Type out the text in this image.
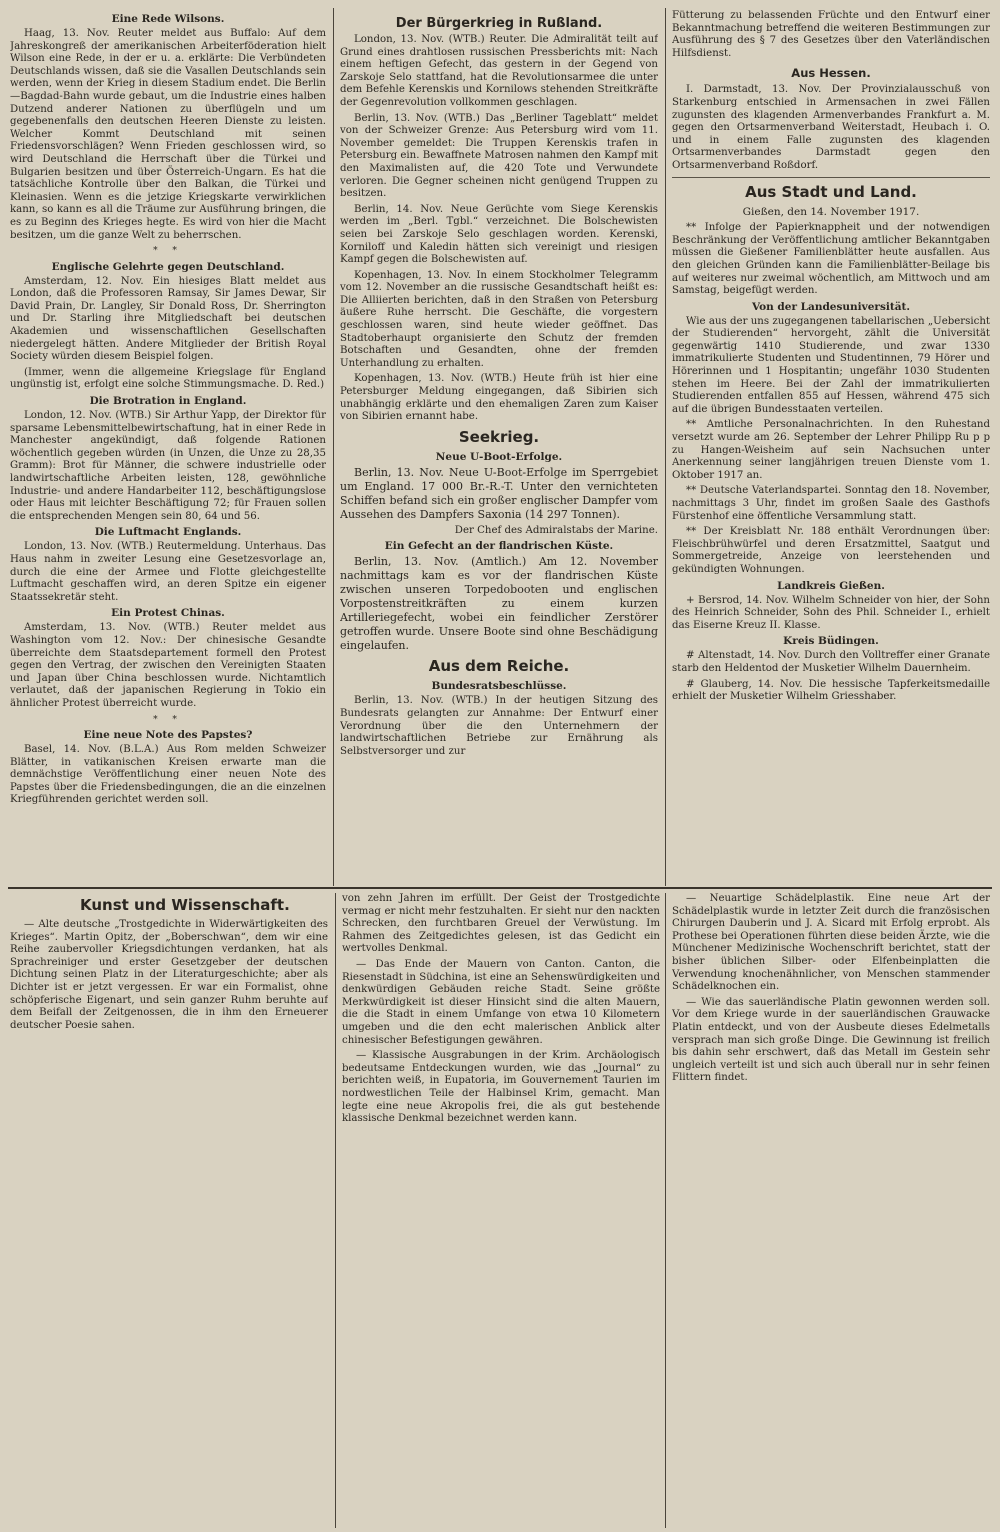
Eine Rede Wilsons.

Haag, 13. Nov. Reuter meldet aus Buffalo: Auf dem Jahreskongreß der amerikanischen Arbeiterföderation hielt Wilson eine Rede, in der er u. a. erklärte: Die Verbündeten Deutschlands wissen, daß sie die Vasallen Deutschlands sein werden, wenn der Krieg in diesem Stadium endet. Die Berlin—Bagdad-Bahn wurde gebaut, um die Industrie eines halben Dutzend anderer Nationen zu überflügeln und um gegebenenfalls den deutschen Heeren Dienste zu leisten. Welcher Kommt Deutschland mit seinen Friedensvorschlägen? Wenn Frieden geschlossen wird, so wird Deutschland die Herrschaft über die Türkei und Bulgarien besitzen und über Österreich-Ungarn. Es hat die tatsächliche Kontrolle über den Balkan, die Türkei und Kleinasien. Wenn es die jetzige Kriegskarte verwirklichen kann, so kann es all die Träume zur Ausführung bringen, die es zu Beginn des Krieges hegte. Es wird von hier die Macht besitzen, um die ganze Welt zu beherrschen.

* *
Englische Gelehrte gegen Deutschland.

Amsterdam, 12. Nov. Ein hiesiges Blatt meldet aus London, daß die Professoren Ramsay, Sir James Dewar, Sir David Prain, Dr. Langley, Sir Donald Ross, Dr. Sherrington und Dr. Starling ihre Mitgliedschaft bei deutschen Akademien und wissenschaftlichen Gesellschaften niedergelegt hätten. Andere Mitglieder der British Royal Society würden diesem Beispiel folgen.

(Immer, wenn die allgemeine Kriegslage für England ungünstig ist, erfolgt eine solche Stimmungsmache. D. Red.)

Die Brotration in England.

London, 12. Nov. (WTB.) Sir Arthur Yapp, der Direktor für sparsame Lebensmittelbewirtschaftung, hat in einer Rede in Manchester angekündigt, daß folgende Rationen wöchentlich gegeben würden (in Unzen, die Unze zu 28,35 Gramm): Brot für Männer, die schwere industrielle oder landwirtschaftliche Arbeiten leisten, 128, gewöhnliche Industrie- und andere Handarbeiter 112, beschäftigungslose oder Haus mit leichter Beschäftigung 72; für Frauen sollen die entsprechenden Mengen sein 80, 64 und 56.

Die Luftmacht Englands.

London, 13. Nov. (WTB.) Reutermeldung. Unterhaus. Das Haus nahm in zweiter Lesung eine Gesetzesvorlage an, durch die eine der Armee und Flotte gleichgestellte Luftmacht geschaffen wird, an deren Spitze ein eigener Staatssekretär steht.

Ein Protest Chinas.

Amsterdam, 13. Nov. (WTB.) Reuter meldet aus Washington vom 12. Nov.: Der chinesische Gesandte überreichte dem Staatsdepartement formell den Protest gegen den Vertrag, der zwischen den Vereinigten Staaten und Japan über China beschlossen wurde. Nichtamtlich verlautet, daß der japanischen Regierung in Tokio ein ähnlicher Protest überreicht wurde.

* *
Eine neue Note des Papstes?

Basel, 14. Nov. (B.L.A.) Aus Rom melden Schweizer Blätter, in vatikanischen Kreisen erwarte man die demnächstige Veröffentlichung einer neuen Note des Papstes über die Friedensbedingungen, die an die einzelnen Kriegführenden gerichtet werden soll.

Der Bürgerkrieg in Rußland.

London, 13. Nov. (WTB.) Reuter. Die Admiralität teilt auf Grund eines drahtlosen russischen Pressberichts mit: Nach einem heftigen Gefecht, das gestern in der Gegend von Zarskoje Selo stattfand, hat die Revolutionsarmee die unter dem Befehle Kerenskis und Kornilows stehenden Streitkräfte der Gegenrevolution vollkommen geschlagen.

Berlin, 13. Nov. (WTB.) Das „Berliner Tageblatt“ meldet von der Schweizer Grenze: Aus Petersburg wird vom 11. November gemeldet: Die Truppen Kerenskis trafen in Petersburg ein. Bewaffnete Matrosen nahmen den Kampf mit den Maximalisten auf, die 420 Tote und Verwundete verloren. Die Gegner scheinen nicht genügend Truppen zu besitzen.

Berlin, 14. Nov. Neue Gerüchte vom Siege Kerenskis werden im „Berl. Tgbl.“ verzeichnet. Die Bolschewisten seien bei Zarskoje Selo geschlagen worden. Kerenski, Korniloff und Kaledin hätten sich vereinigt und riesigen Kampf gegen die Bolschewisten auf.

Kopenhagen, 13. Nov. In einem Stockholmer Telegramm vom 12. November an die russische Gesandtschaft heißt es: Die Alliierten berichten, daß in den Straßen von Petersburg äußere Ruhe herrscht. Die Geschäfte, die vorgestern geschlossen waren, sind heute wieder geöffnet. Das Stadtoberhaupt organisierte den Schutz der fremden Botschaften und Gesandten, ohne der fremden Unterhandlung zu erhalten.

Kopenhagen, 13. Nov. (WTB.) Heute früh ist hier eine Petersburger Meldung eingegangen, daß Sibirien sich unabhängig erklärte und den ehemaligen Zaren zum Kaiser von Sibirien ernannt habe.

Seekrieg.
Neue U-Boot-Erfolge.

Berlin, 13. Nov. Neue U-Boot-Erfolge im Sperrgebiet um England. 17 000 Br.-R.-T. Unter den vernichteten Schiffen befand sich ein großer englischer Dampfer vom Aussehen des Dampfers Saxonia (14 297 Tonnen).

Der Chef des Admiralstabs der Marine.

Ein Gefecht an der flandrischen Küste.

Berlin, 13. Nov. (Amtlich.) Am 12. November nachmittags kam es vor der flandrischen Küste zwischen unseren Torpedobooten und englischen Vorpostenstreitkräften zu einem kurzen Artilleriegefecht, wobei ein feindlicher Zerstörer getroffen wurde. Unsere Boote sind ohne Beschädigung eingelaufen.

Aus dem Reiche.
Bundesratsbeschlüsse.

Berlin, 13. Nov. (WTB.) In der heutigen Sitzung des Bundesrats gelangten zur Annahme: Der Entwurf einer Verordnung über die den Unternehmern der landwirtschaftlichen Betriebe zur Ernährung als Selbstversorger und zur

Fütterung zu belassenden Früchte und den Entwurf einer Bekanntmachung betreffend die weiteren Bestimmungen zur Ausführung des § 7 des Gesetzes über den Vaterländischen Hilfsdienst.

Aus Hessen.

I. Darmstadt, 13. Nov. Der Provinzialausschuß von Starkenburg entschied in Armensachen in zwei Fällen zugunsten des klagenden Armenverbandes Frankfurt a. M. gegen den Ortsarmenverband Weiterstadt, Heubach i. O. und in einem Falle zugunsten des klagenden Ortsarmenverbandes Darmstadt gegen den Ortsarmenverband Roßdorf.

Aus Stadt und Land.
Gießen, den 14. November 1917.

** Infolge der Papierknappheit und der notwendigen Beschränkung der Veröffentlichung amtlicher Bekanntgaben müssen die Gießener Familienblätter heute ausfallen. Aus den gleichen Gründen kann die Familienblätter-Beilage bis auf weiteres nur zweimal wöchentlich, am Mittwoch und am Samstag, beigefügt werden.

Von der Landesuniversität.

Wie aus der uns zugegangenen tabellarischen „Uebersicht der Studierenden“ hervorgeht, zählt die Universität gegenwärtig 1410 Studierende, und zwar 1330 immatrikulierte Studenten und Studentinnen, 79 Hörer und Hörerinnen und 1 Hospitantin; ungefähr 1030 Studenten stehen im Heere. Bei der Zahl der immatrikulierten Studierenden entfallen 855 auf Hessen, während 475 sich auf die übrigen Bundesstaaten verteilen.

** Amtliche Personalnachrichten. In den Ruhestand versetzt wurde am 26. September der Lehrer Philipp Ru p p zu Hangen-Weisheim auf sein Nachsuchen unter Anerkennung seiner langjährigen treuen Dienste vom 1. Oktober 1917 an.

** Deutsche Vaterlandspartei. Sonntag den 18. November, nachmittags 3 Uhr, findet im großen Saale des Gasthofs Fürstenhof eine öffentliche Versammlung statt.

** Der Kreisblatt Nr. 188 enthält Verordnungen über: Fleischbrühwürfel und deren Ersatzmittel, Saatgut und Sommergetreide, Anzeige von leerstehenden und gekündigten Wohnungen.

Landkreis Gießen.

+ Bersrod, 14. Nov. Wilhelm Schneider von hier, der Sohn des Heinrich Schneider, Sohn des Phil. Schneider I., erhielt das Eiserne Kreuz II. Klasse.

Kreis Büdingen.

# Altenstadt, 14. Nov. Durch den Volltreffer einer Granate starb den Heldentod der Musketier Wilhelm Dauernheim.

# Glauberg, 14. Nov. Die hessische Tapferkeitsmedaille erhielt der Musketier Wilhelm Griesshaber.

Kunst und Wissenschaft.

— Alte deutsche „Trostgedichte in Widerwärtigkeiten des Krieges“. Martin Opitz, der „Boberschwan“, dem wir eine Reihe zaubervoller Kriegsdichtungen verdanken, hat als Sprachreiniger und erster Gesetzgeber der deutschen Dichtung seinen Platz in der Literaturgeschichte; aber als Dichter ist er jetzt vergessen. Er war ein Formalist, ohne schöpferische Eigenart, und sein ganzer Ruhm beruhte auf dem Beifall der Zeitgenossen, die in ihm den Erneuerer deutscher Poesie sahen.

von zehn Jahren im erfüllt. Der Geist der Trostgedichte vermag er nicht mehr festzuhalten. Er sieht nur den nackten Schrecken, den furchtbaren Greuel der Verwüstung. Im Rahmen des Zeitgedichtes gelesen, ist das Gedicht ein wertvolles Denkmal.

— Das Ende der Mauern von Canton. Canton, die Riesenstadt in Südchina, ist eine an Sehenswürdigkeiten und denkwürdigen Gebäuden reiche Stadt. Seine größte Merkwürdigkeit ist dieser Hinsicht sind die alten Mauern, die die Stadt in einem Umfange von etwa 10 Kilometern umgeben und die den echt malerischen Anblick alter chinesischer Befestigungen gewähren.

— Klassische Ausgrabungen in der Krim. Archäologisch bedeutsame Entdeckungen wurden, wie das „Journal“ zu berichten weiß, in Eupatoria, im Gouvernement Taurien im nordwestlichen Teile der Halbinsel Krim, gemacht. Man legte eine neue Akropolis frei, die als gut bestehende klassische Denkmal bezeichnet werden kann.

— Neuartige Schädelplastik. Eine neue Art der Schädelplastik wurde in letzter Zeit durch die französischen Chirurgen Dauberin und J. A. Sicard mit Erfolg erprobt. Als Prothese bei Operationen führten diese beiden Ärzte, wie die Münchener Medizinische Wochenschrift berichtet, statt der bisher üblichen Silber- oder Elfenbeinplatten die Verwendung knochenähnlicher, von Menschen stammender Schädelknochen ein.

— Wie das sauerländische Platin gewonnen werden soll. Vor dem Kriege wurde in der sauerländischen Grauwacke Platin entdeckt, und von der Ausbeute dieses Edelmetalls versprach man sich große Dinge. Die Gewinnung ist freilich bis dahin sehr erschwert, daß das Metall im Gestein sehr ungleich verteilt ist und sich auch überall nur in sehr feinen Flittern findet.
